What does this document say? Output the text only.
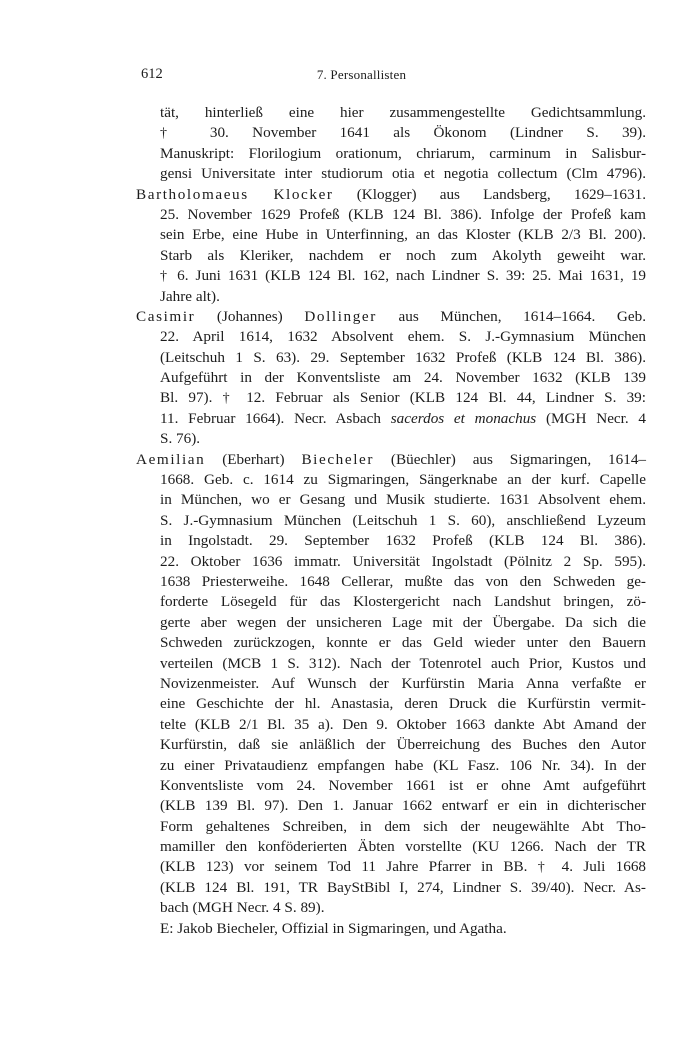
612	7. Personallisten
tät, hinterließ eine hier zusammengestellte Gedichtsammlung.
† 30. November 1641 als Ökonom (Lindner S. 39).
Manuskript: Florilogium orationum, chriarum, carminum in Salisbur-
gensi Universitate inter studiorum otia et negotia collectum (Clm 4796).
Bartholomaeus Klocker (Klogger) aus Landsberg, 1629–1631.
25. November 1629 Profeß (KLB 124 Bl. 386). Infolge der Profeß kam
sein Erbe, eine Hube in Unterfinning, an das Kloster (KLB 2/3 Bl. 200).
Starb als Kleriker, nachdem er noch zum Akolyth geweiht war.
† 6. Juni 1631 (KLB 124 Bl. 162, nach Lindner S. 39: 25. Mai 1631, 19
Jahre alt).
Casimir (Johannes) Dollinger aus München, 1614–1664. Geb.
22. April 1614, 1632 Absolvent ehem. S. J.-Gymnasium München
(Leitschuh 1 S. 63). 29. September 1632 Profeß (KLB 124 Bl. 386).
Aufgeführt in der Konventsliste am 24. November 1632 (KLB 139
Bl. 97). † 12. Februar als Senior (KLB 124 Bl. 44, Lindner S. 39:
11. Februar 1664). Necr. Asbach sacerdos et monachus (MGH Necr. 4
S. 76).
Aemilian (Eberhart) Biecheler (Büechler) aus Sigmaringen, 1614–
1668. Geb. c. 1614 zu Sigmaringen, Sängerknabe an der kurf. Capelle
in München, wo er Gesang und Musik studierte. 1631 Absolvent ehem.
S. J.-Gymnasium München (Leitschuh 1 S. 60), anschließend Lyzeum
in Ingolstadt. 29. September 1632 Profeß (KLB 124 Bl. 386).
22. Oktober 1636 immatr. Universität Ingolstadt (Pölnitz 2 Sp. 595).
1638 Priesterweihe. 1648 Cellerar, mußte das von den Schweden ge-
forderte Lösegeld für das Klostergericht nach Landshut bringen, zö-
gerte aber wegen der unsicheren Lage mit der Übergabe. Da sich die
Schweden zurückzogen, konnte er das Geld wieder unter den Bauern
verteilen (MCB 1 S. 312). Nach der Totenrotel auch Prior, Kustos und
Novizenmeister. Auf Wunsch der Kurfürstin Maria Anna verfaßte er
eine Geschichte der hl. Anastasia, deren Druck die Kurfürstin vermit-
telte (KLB 2/1 Bl. 35 a). Den 9. Oktober 1663 dankte Abt Amand der
Kurfürstin, daß sie anläßlich der Überreichung des Buches den Autor
zu einer Privataudienz empfangen habe (KL Fasz. 106 Nr. 34). In der
Konventsliste vom 24. November 1661 ist er ohne Amt aufgeführt
(KLB 139 Bl. 97). Den 1. Januar 1662 entwarf er ein in dichterischer
Form gehaltenes Schreiben, in dem sich der neugewählte Abt Tho-
mamiller den konföderierten Äbten vorstellte (KU 1266. Nach der TR
(KLB 123) vor seinem Tod 11 Jahre Pfarrer in BB. † 4. Juli 1668
(KLB 124 Bl. 191, TR BayStBibl I, 274, Lindner S. 39/40). Necr. As-
bach (MGH Necr. 4 S. 89).
E: Jakob Biecheler, Offizial in Sigmaringen, und Agatha.
